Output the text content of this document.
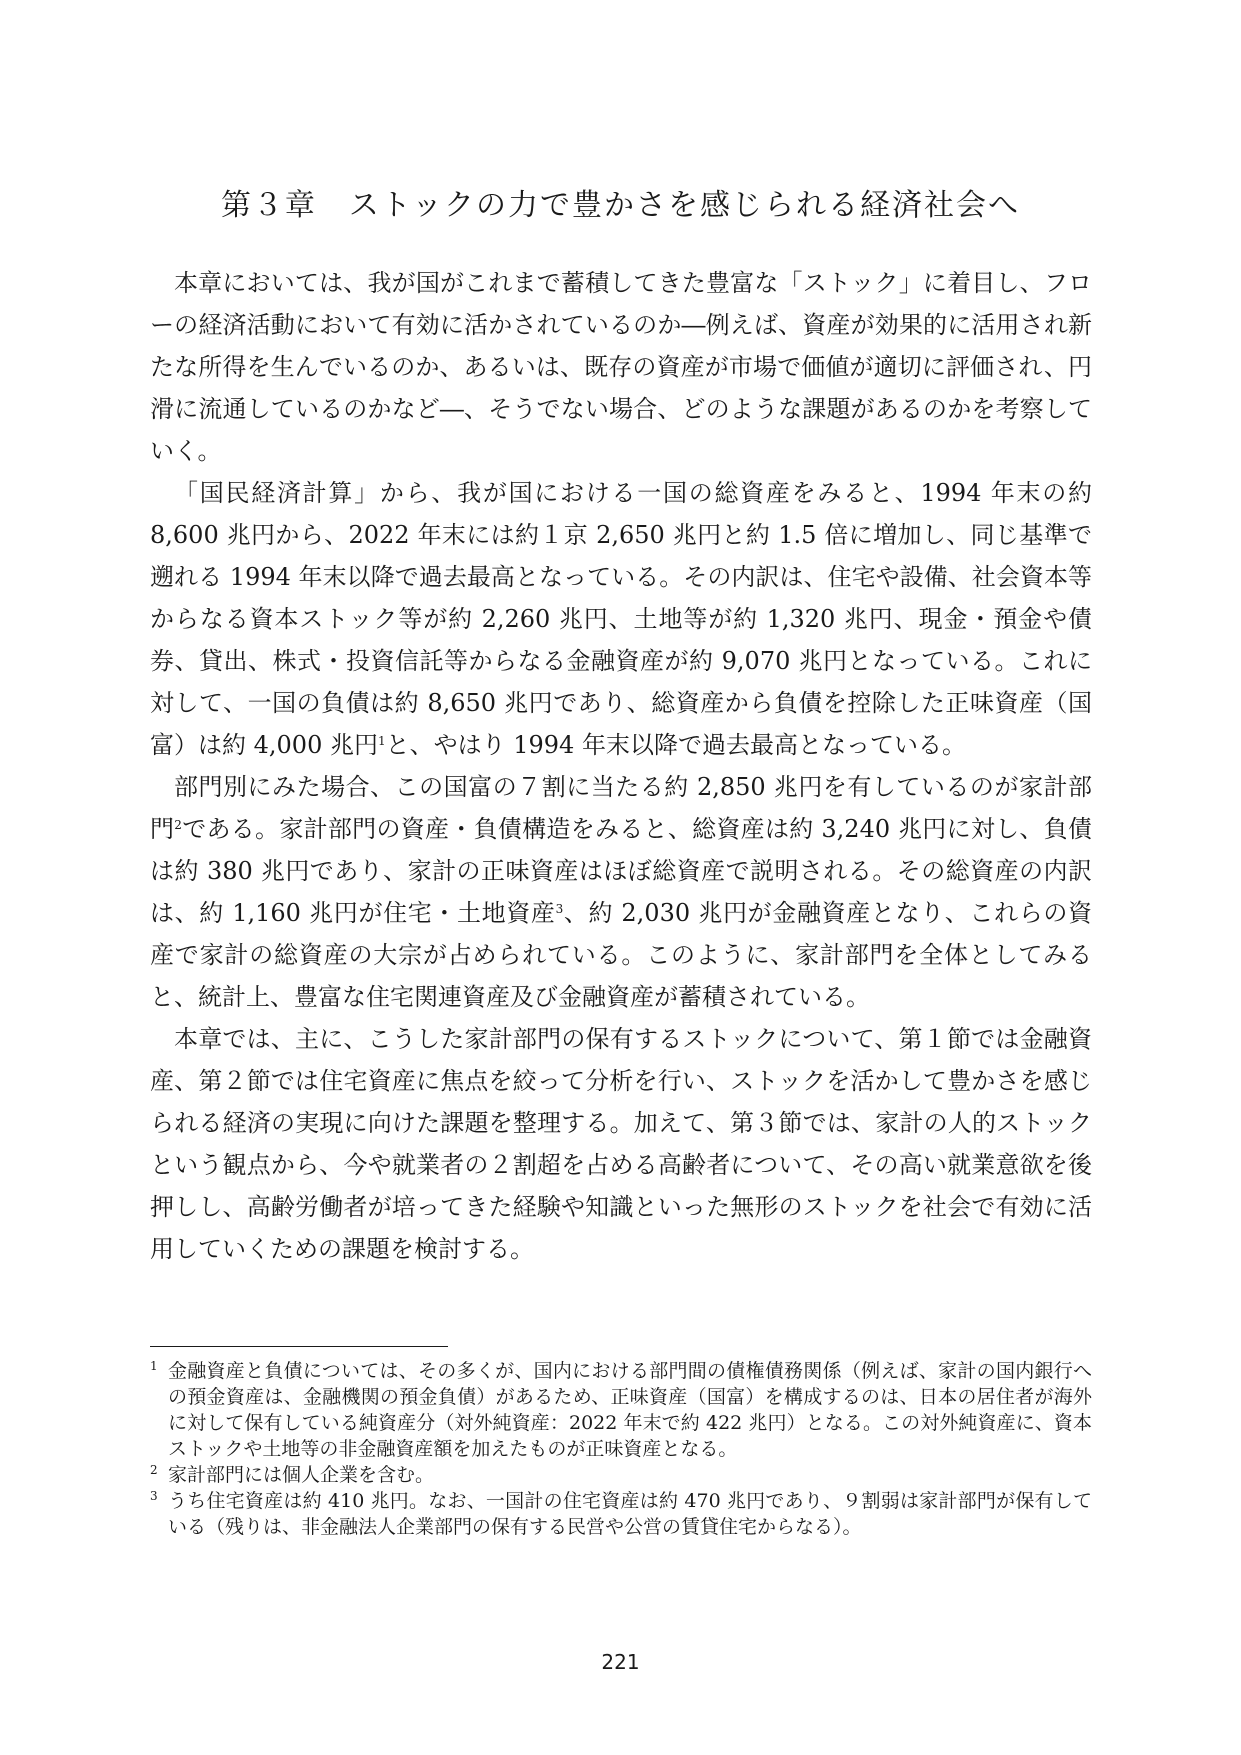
第３章　ストックの力で豊かさを感じられる経済社会へ

本章においては、我が国がこれまで蓄積してきた豊富な「ストック」に着目し、フローの経済活動において有効に活かされているのか―例えば、資産が効果的に活用され新たな所得を生んでいるのか、あるいは、既存の資産が市場で価値が適切に評価され、円滑に流通しているのかなど―、そうでない場合、どのような課題があるのかを考察していく。

「国民経済計算」から、我が国における一国の総資産をみると、1994 年末の約 8,600 兆円から、2022 年末には約１京 2,650 兆円と約 1.5 倍に増加し、同じ基準で遡れる 1994 年末以降で過去最高となっている。その内訳は、住宅や設備、社会資本等からなる資本ストック等が約 2,260 兆円、土地等が約 1,320 兆円、現金・預金や債券、貸出、株式・投資信託等からなる金融資産が約 9,070 兆円となっている。これに対して、一国の負債は約 8,650 兆円であり、総資産から負債を控除した正味資産（国富）は約 4,000 兆円$^1$と、やはり 1994 年末以降で過去最高となっている。

部門別にみた場合、この国富の７割に当たる約 2,850 兆円を有しているのが家計部門$^2$である。家計部門の資産・負債構造をみると、総資産は約 3,240 兆円に対し、負債は約 380 兆円であり、家計の正味資産はほぼ総資産で説明される。その総資産の内訳は、約 1,160 兆円が住宅・土地資産$^3$、約 2,030 兆円が金融資産となり、これらの資産で家計の総資産の大宗が占められている。このように、家計部門を全体としてみると、統計上、豊富な住宅関連資産及び金融資産が蓄積されている。

本章では、主に、こうした家計部門の保有するストックについて、第１節では金融資産、第２節では住宅資産に焦点を絞って分析を行い、ストックを活かして豊かさを感じられる経済の実現に向けた課題を整理する。加えて、第３節では、家計の人的ストックという観点から、今や就業者の２割超を占める高齢者について、その高い就業意欲を後押しし、高齢労働者が培ってきた経験や知識といった無形のストックを社会で有効に活用していくための課題を検討する。

1 金融資産と負債については、その多くが、国内における部門間の債権債務関係（例えば、家計の国内銀行への預金資産は、金融機関の預金負債）があるため、正味資産（国富）を構成するのは、日本の居住者が海外に対して保有している純資産分（対外純資産：2022 年末で約 422 兆円）となる。この対外純資産に、資本ストックや土地等の非金融資産額を加えたものが正味資産となる。
2 家計部門には個人企業を含む。
3 うち住宅資産は約 410 兆円。なお、一国計の住宅資産は約 470 兆円であり、９割弱は家計部門が保有している（残りは、非金融法人企業部門の保有する民営や公営の賃貸住宅からなる）。
221
